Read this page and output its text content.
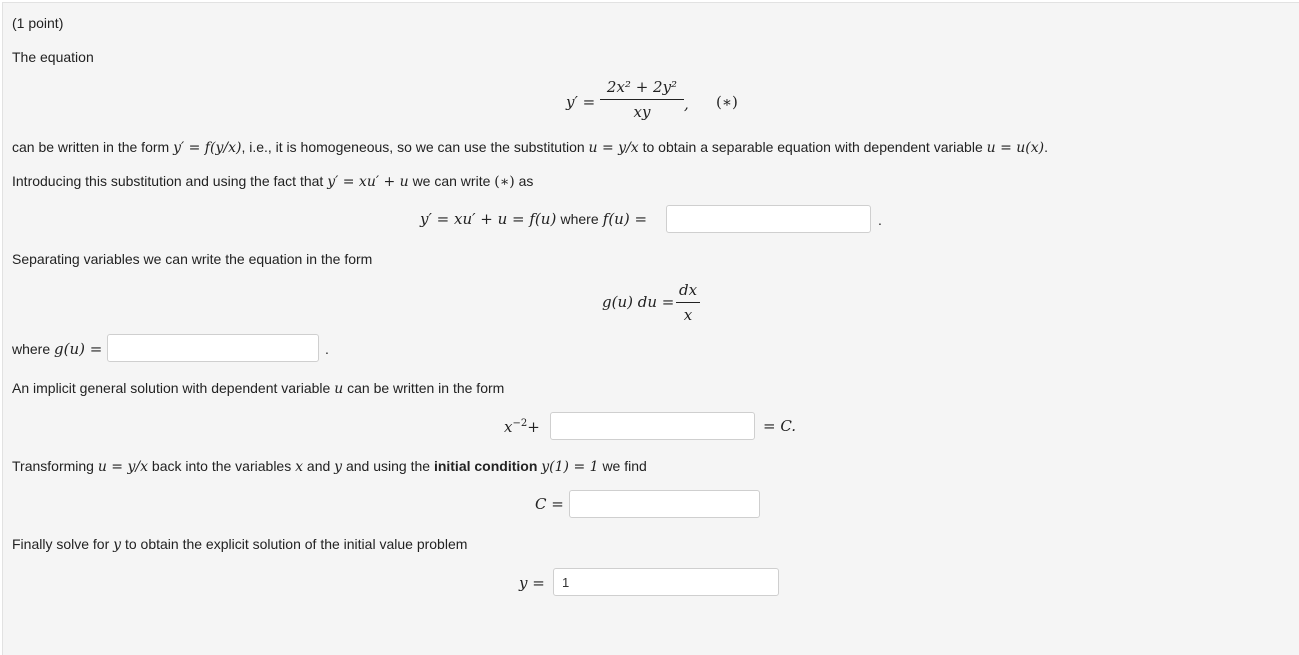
(1 point)
The equation
y′ =
2x² + 2y²
xy	, (∗)
can be written in the form y′ = f(y/x), i.e., it is homogeneous, so we can use the substitution u = y/x to obtain a separable equation with dependent variable u = u(x).
Introducing this substitution and using the fact that y′ = xu′ + u we can write (∗) as
y′ = xu′ + u = f(u) where f(u) =	.
Separating variables we can write the equation in the form
g(u) du =
dx
x
where g(u) =	.
An implicit general solution with dependent variable u can be written in the form
$x^{-2}+$	= C.
Transforming u = y/x back into the variables x and y and using the initial condition y(1) = 1 we find
C =
Finally solve for y to obtain the explicit solution of the initial value problem
y =
1
